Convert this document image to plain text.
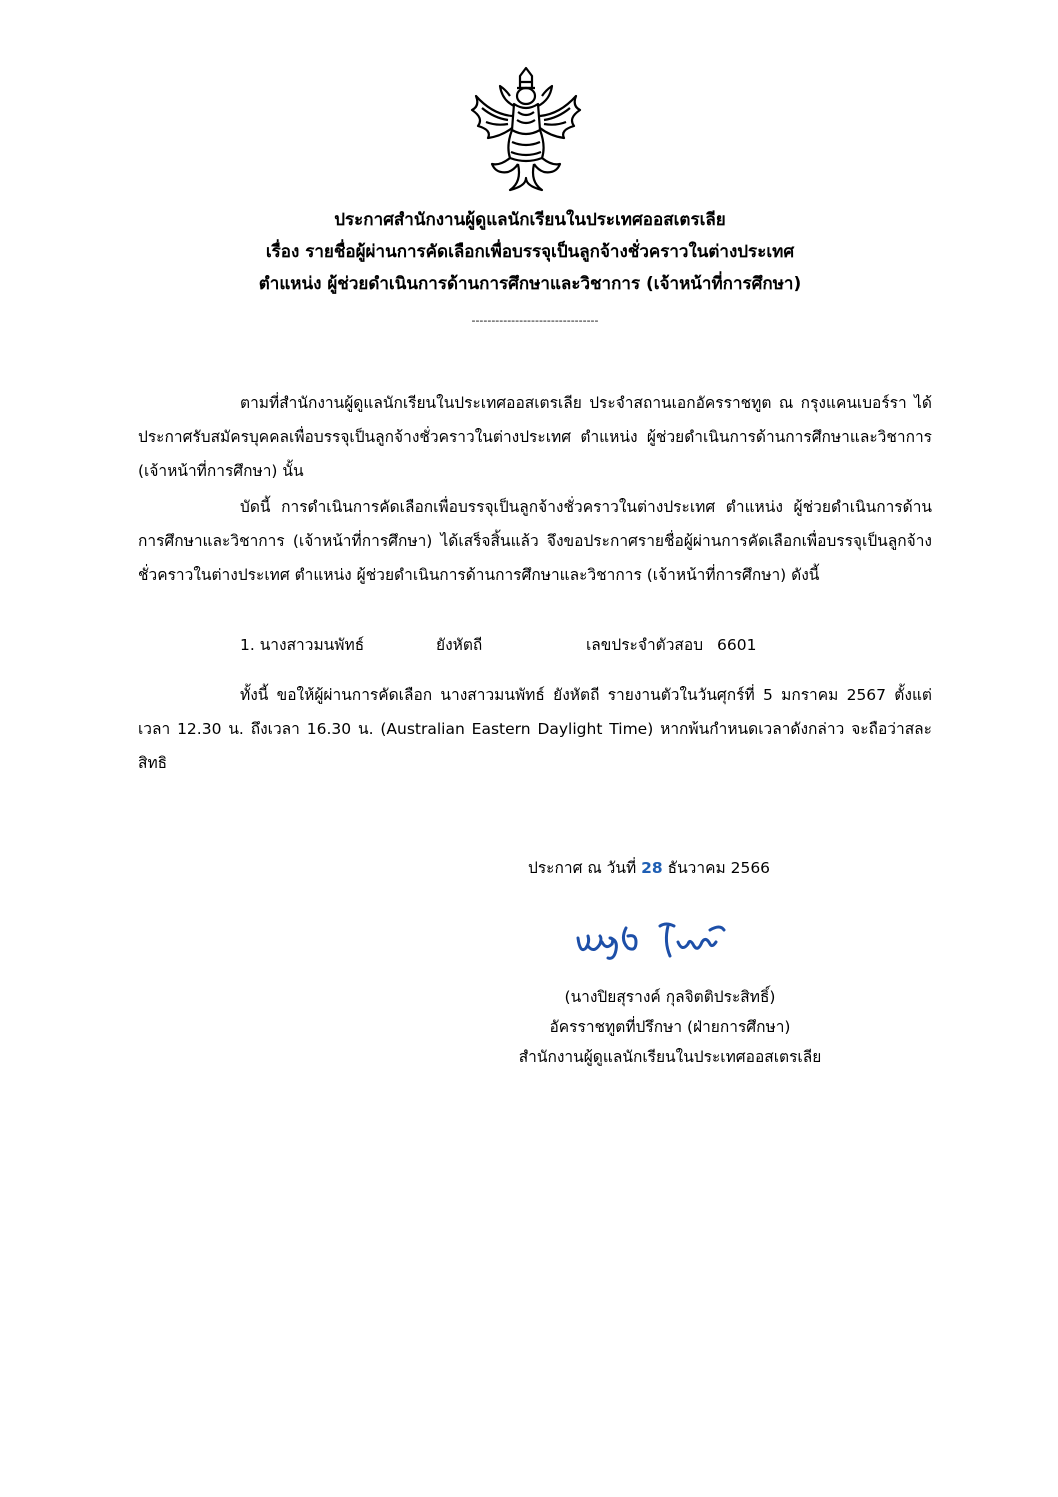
ประกาศสำนักงานผู้ดูแลนักเรียนในประเทศออสเตรเลีย
เรื่อง รายชื่อผู้ผ่านการคัดเลือกเพื่อบรรจุเป็นลูกจ้างชั่วคราวในต่างประเทศ
ตำแหน่ง ผู้ช่วยดำเนินการด้านการศึกษาและวิชาการ (เจ้าหน้าที่การศึกษา)
--------------------------------

ตามที่สำนักงานผู้ดูแลนักเรียนในประเทศออสเตรเลีย ประจำสถานเอกอัครราชทูต ณ กรุงแคนเบอร์รา ได้ประกาศรับสมัครบุคคลเพื่อบรรจุเป็นลูกจ้างชั่วคราวในต่างประเทศ ตำแหน่ง ผู้ช่วยดำเนินการด้านการศึกษาและวิชาการ (เจ้าหน้าที่การศึกษา) นั้น

บัดนี้ การดำเนินการคัดเลือกเพื่อบรรจุเป็นลูกจ้างชั่วคราวในต่างประเทศ ตำแหน่ง ผู้ช่วยดำเนินการด้านการศึกษาและวิชาการ (เจ้าหน้าที่การศึกษา) ได้เสร็จสิ้นแล้ว จึงขอประกาศรายชื่อผู้ผ่านการคัดเลือกเพื่อบรรจุเป็นลูกจ้างชั่วคราวในต่างประเทศ ตำแหน่ง ผู้ช่วยดำเนินการด้านการศึกษาและวิชาการ (เจ้าหน้าที่การศึกษา) ดังนี้

1. นางสาวมนพัทธ์	ยังหัตถี	เลขประจำตัวสอบ 6601

ทั้งนี้ ขอให้ผู้ผ่านการคัดเลือก นางสาวมนพัทธ์ ยังหัตถี รายงานตัวในวันศุกร์ที่ 5 มกราคม 2567 ตั้งแต่เวลา 12.30 น. ถึงเวลา 16.30 น. (Australian Eastern Daylight Time) หากพ้นกำหนดเวลาดังกล่าว จะถือว่าสละสิทธิ

ประกาศ ณ วันที่ 28 ธันวาคม 2566
(นางปิยสุรางค์ กุลจิตติประสิทธิ์)
อัครราชทูตที่ปรึกษา (ฝ่ายการศึกษา)
สำนักงานผู้ดูแลนักเรียนในประเทศออสเตรเลีย
